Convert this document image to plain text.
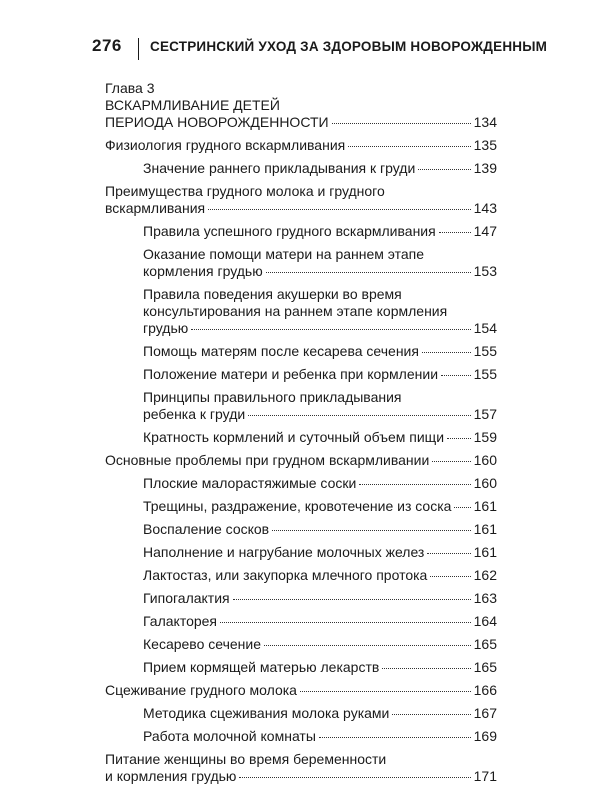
276 СЕСТРИНСКИЙ УХОД ЗА ЗДОРОВЫМ НОВОРОЖДЕННЫМ
Глава 3
ВСКАРМЛИВАНИЕ ДЕТЕЙ
ПЕРИОДА НОВОРОЖДЕННОСТИ	134
Физиология грудного вскармливания	135
Значение раннего прикладывания к груди	139
Преимущества грудного молока и грудного
вскармливания	143
Правила успешного грудного вскармливания	147
Оказание помощи матери на раннем этапе
кормления грудью	153
Правила поведения акушерки во время
консультирования на раннем этапе кормления
грудью	154
Помощь матерям после кесарева сечения	155
Положение матери и ребенка при кормлении	155
Принципы правильного прикладывания
ребенка к груди	157
Кратность кормлений и суточный объем пищи 159
Основные проблемы при грудном вскармливании	160
Плоские малорастяжимые соски	160
Трещины, раздражение, кровотечение из соска 161
Воспаление сосков	161
Наполнение и нагрубание молочных желез	161
Лактостаз, или закупорка млечного протока	162
Гипогалактия	163
Галакторея	164
Кесарево сечение	165
Прием кормящей матерью лекарств	165
Сцеживание грудного молока	166
Методика сцеживания молока руками	167
Работа молочной комнаты	169
Питание женщины во время беременности
и кормления грудью	171
